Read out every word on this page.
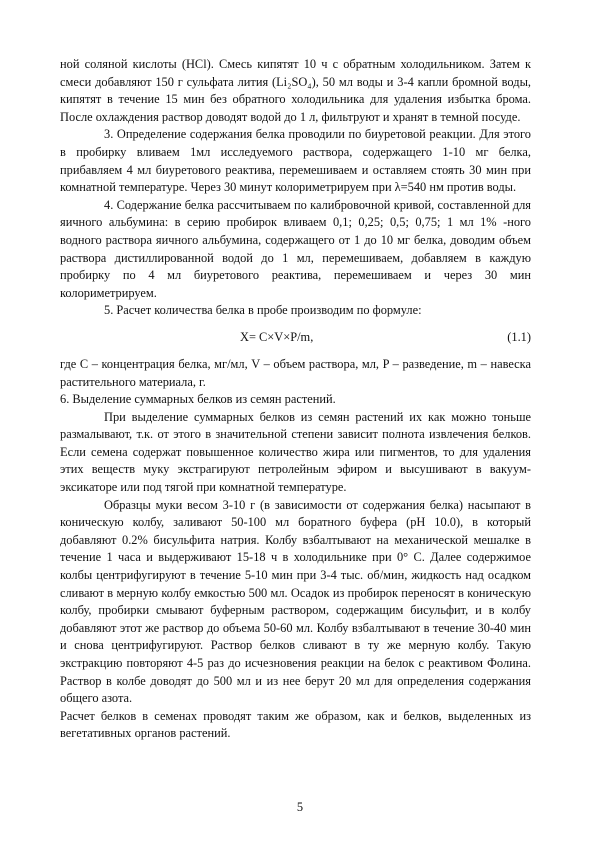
ной соляной кислоты (HCl). Смесь кипятят 10 ч с обратным холодильником. Затем к смеси добавляют 150 г сульфата лития (Li₂SO₄), 50 мл воды и 3-4 капли бромной воды, кипятят в течение 15 мин без обратного холодильника для удаления избытка брома. После охлаждения раствор доводят водой до 1 л, фильтруют и хранят в темной посуде.

3. Определение содержания белка проводили по биуретовой реакции. Для этого в пробирку вливаем 1мл исследуемого раствора, содержащего 1-10 мг белка, прибавляем 4 мл биуретового реактива, перемешиваем и оставляем стоять 30 мин при комнатной температуре. Через 30 минут колориметрируем при λ=540 нм против воды.

4. Содержание белка рассчитываем по калибровочной кривой, составленной для яичного альбумина: в серию пробирок вливаем 0,1; 0,25; 0,5; 0,75; 1 мл 1% -ного водного раствора яичного альбумина, содержащего от 1 до 10 мг белка, доводим объем раствора дистиллированной водой до 1 мл, перемешиваем, добавляем в каждую пробирку по 4 мл биуретового реактива, перемешиваем и через 30 мин колориметрируем.

5. Расчет количества белка в пробе производим по формуле:

X= C×V×P/m,	(1.1)

где С – концентрация белка, мг/мл, V – объем раствора, мл, P – разведение, m – навеска растительного материала, г.

6. Выделение суммарных белков из семян растений.

При выделение суммарных белков из семян растений их как можно тоньше размалывают, т.к. от этого в значительной степени зависит полнота извлечения белков. Если семена содержат повышенное количество жира или пигментов, то для удаления этих веществ муку экстрагируют петролейным эфиром и высушивают в вакуум-эксикаторе или под тягой при комнатной температуре.

Образцы муки весом 3-10 г (в зависимости от содержания белка) насыпают в коническую колбу, заливают 50-100 мл боратного буфера (рН 10.0), в который добавляют 0.2% бисульфита натрия. Колбу взбалтывают на механической мешалке в течение 1 часа и выдерживают 15-18 ч в холодильнике при 0° С. Далее содержимое колбы центрифугируют в течение 5-10 мин при 3-4 тыс. об/мин, жидкость над осадком сливают в мерную колбу емкостью 500 мл. Осадок из пробирок переносят в коническую колбу, пробирки смывают буферным раствором, содержащим бисульфит, и в колбу добавляют этот же раствор до объема 50-60 мл. Колбу взбалтывают в течение 30-40 мин и снова центрифугируют. Раствор белков сливают в ту же мерную колбу. Такую экстракцию повторяют 4-5 раз до исчезновения реакции на белок с реактивом Фолина. Раствор в колбе доводят до 500 мл и из нее берут 20 мл для определения содержания общего азота.

Расчет белков в семенах проводят таким же образом, как и белков, выделенных из вегетативных органов растений.

5
